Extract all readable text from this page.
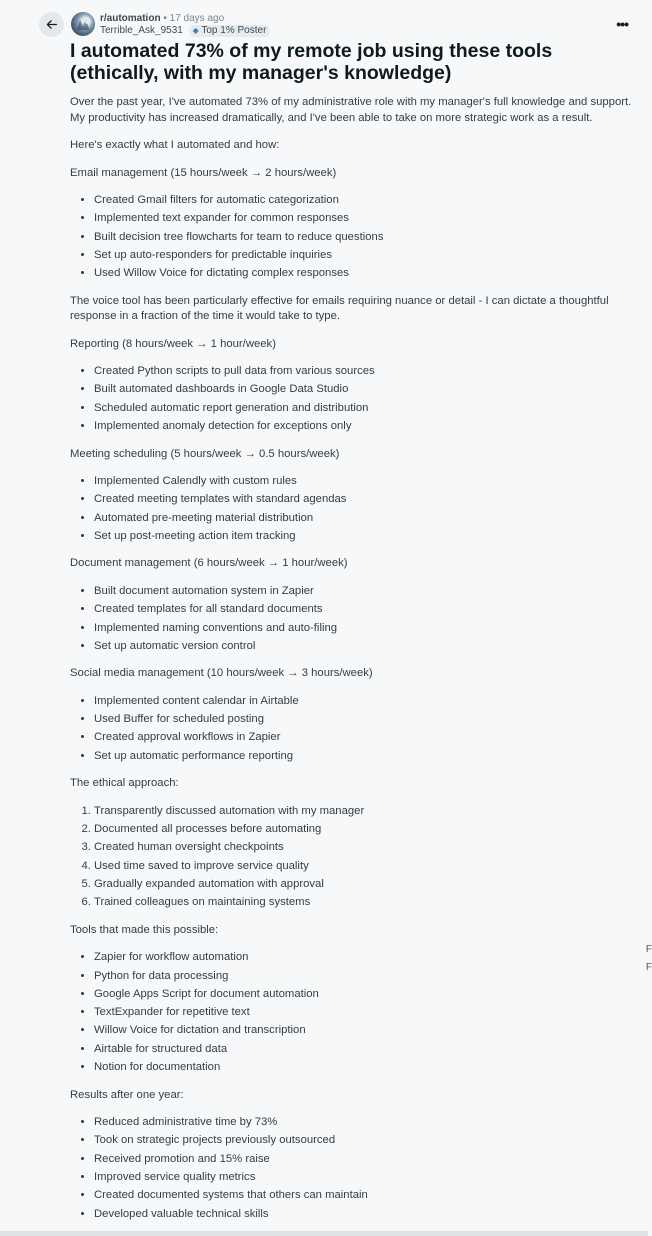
r/automation • 17 days ago
Terrible_Ask_9531 ◆ Top 1% Poster	•••
I automated 73% of my remote job using these tools (ethically, with my manager's knowledge)

Over the past year, I've automated 73% of my administrative role with my manager's full knowledge and support. My productivity has increased dramatically, and I've been able to take on more strategic work as a result.

Here's exactly what I automated and how:

Email management (15 hours/week → 2 hours/week)

• Created Gmail filters for automatic categorization
• Implemented text expander for common responses
• Built decision tree flowcharts for team to reduce questions
• Set up auto-responders for predictable inquiries
• Used Willow Voice for dictating complex responses

The voice tool has been particularly effective for emails requiring nuance or detail - I can dictate a thoughtful response in a fraction of the time it would take to type.

Reporting (8 hours/week → 1 hour/week)

• Created Python scripts to pull data from various sources
• Built automated dashboards in Google Data Studio
• Scheduled automatic report generation and distribution
• Implemented anomaly detection for exceptions only

Meeting scheduling (5 hours/week → 0.5 hours/week)

• Implemented Calendly with custom rules
• Created meeting templates with standard agendas
• Automated pre-meeting material distribution
• Set up post-meeting action item tracking

Document management (6 hours/week → 1 hour/week)

• Built document automation system in Zapier
• Created templates for all standard documents
• Implemented naming conventions and auto-filing
• Set up automatic version control

Social media management (10 hours/week → 3 hours/week)

• Implemented content calendar in Airtable
• Used Buffer for scheduled posting
• Created approval workflows in Zapier
• Set up automatic performance reporting

The ethical approach:

1. Transparently discussed automation with my manager
2. Documented all processes before automating
3. Created human oversight checkpoints
4. Used time saved to improve service quality
5. Gradually expanded automation with approval
6. Trained colleagues on maintaining systems

Tools that made this possible:

• Zapier for workflow automation
• Python for data processing
• Google Apps Script for document automation
• TextExpander for repetitive text
• Willow Voice for dictation and transcription
• Airtable for structured data
• Notion for documentation

Results after one year:

• Reduced administrative time by 73%
• Took on strategic projects previously outsourced
• Received promotion and 15% raise
• Improved service quality metrics
• Created documented systems that others can maintain
• Developed valuable technical skills
F
F
